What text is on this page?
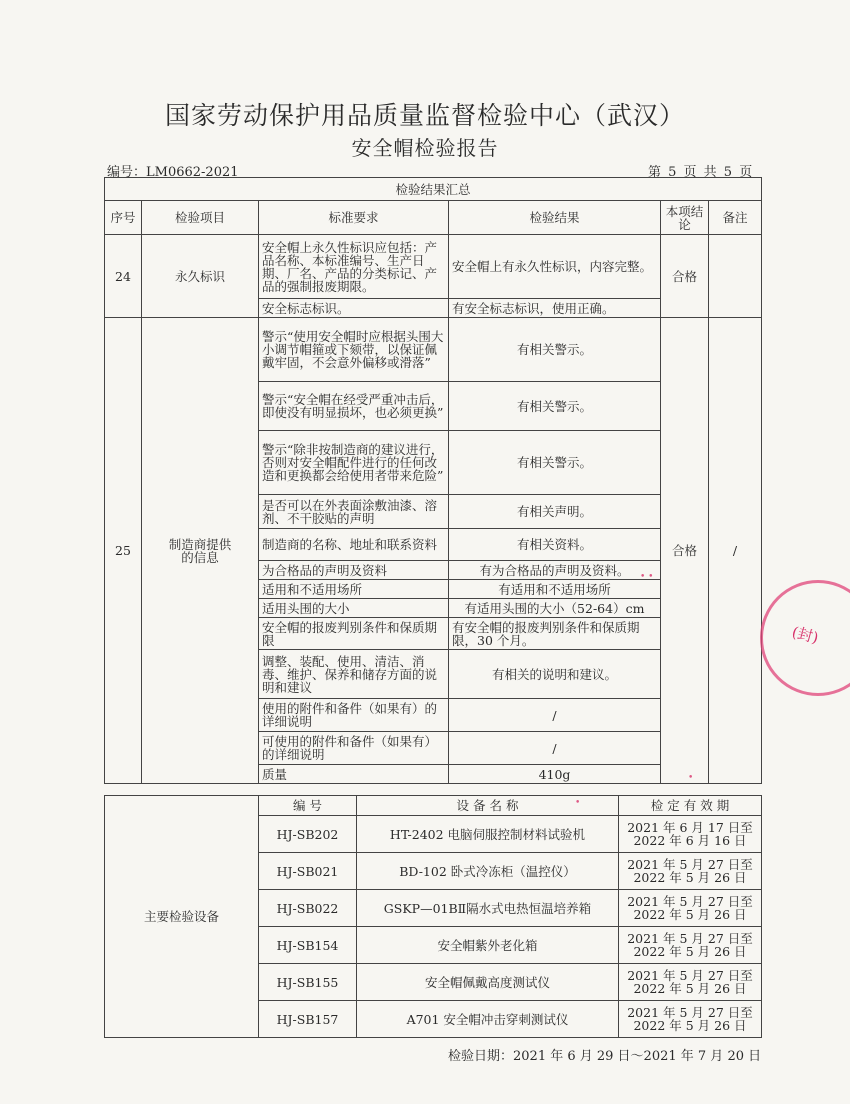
国家劳动保护用品质量监督检验中心（武汉）
安全帽检验报告
编号：LM0662-2021	第 5 页 共 5 页
检验结果汇总					
序号	检验项目	标准要求	检验结果	本项结论	备注
24	永久标识	安全帽上永久性标识应包括：产品名称、本标准编号、生产日期、厂名、产品的分类标记、产品的强制报废期限。	安全帽上有永久性标识，内容完整。	合格	
		安全标志标识。	有安全标志标识，使用正确。		
25	制造商提供的信息	警示“使用安全帽时应根据头围大小调节帽箍或下颏带，以保证佩戴牢固，不会意外偏移或滑落”	有相关警示。	合格	/
		警示“安全帽在经受严重冲击后，即使没有明显损坏，也必须更换”	有相关警示。		
		警示“除非按制造商的建议进行，否则对安全帽配件进行的任何改造和更换都会给使用者带来危险”	有相关警示。		
		是否可以在外表面涂敷油漆、溶剂、不干胶贴的声明	有相关声明。		
		制造商的名称、地址和联系资料	有相关资料。		
		为合格品的声明及资料	有为合格品的声明及资料。		
		适用和不适用场所	有适用和不适用场所		
		适用头围的大小	有适用头围的大小（52-64）cm		
		安全帽的报废判别条件和保质期限	有安全帽的报废判别条件和保质期限，30 个月。		
		调整、装配、使用、清洁、消毒、维护、保养和储存方面的说明和建议	有相关的说明和建议。		
		使用的附件和备件（如果有）的详细说明	/		
		可使用的附件和备件（如果有）的详细说明	/		
		质量	410g		
主要检验设备	编 号	设 备 名 称	检 定 有 效 期
	HJ-SB202	HT-2402 电脑伺服控制材料试验机	2021 年 6 月 17 日至
2022 年 6 月 16 日
	HJ-SB021	BD-102 卧式冷冻柜（温控仪）	2021 年 5 月 27 日至
2022 年 5 月 26 日
	HJ-SB022	GSKP—01BⅡ隔水式电热恒温培养箱	2021 年 5 月 27 日至
2022 年 5 月 26 日
	HJ-SB154	安全帽紫外老化箱	2021 年 5 月 27 日至
2022 年 5 月 26 日
	HJ-SB155	安全帽佩戴高度测试仪	2021 年 5 月 27 日至
2022 年 5 月 26 日
	HJ-SB157	A701 安全帽冲击穿刺测试仪	2021 年 5 月 27 日至
2022 年 5 月 26 日
检验日期：2021 年 6 月 29 日～2021 年 7 月 20 日
(封)
• •
•
•
